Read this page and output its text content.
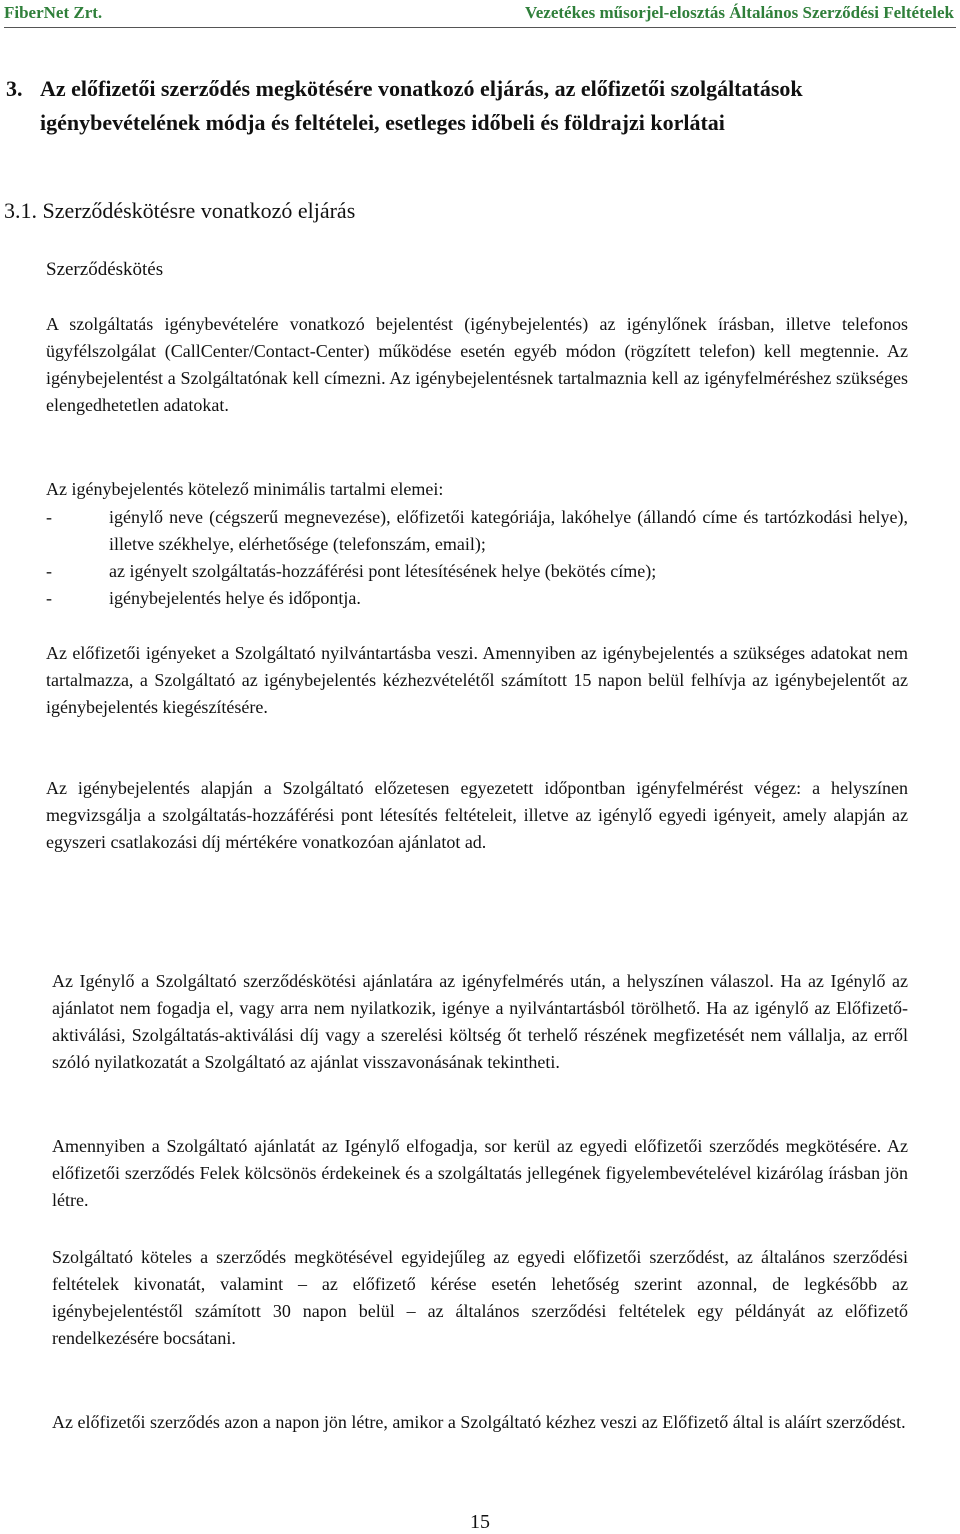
FiberNet Zrt.	Vezetékes műsorjel-elosztás Általános Szerződési Feltételek
3. Az előfizetői szerződés megkötésére vonatkozó eljárás, az előfizetői szolgáltatások igénybevételének módja és feltételei, esetleges időbeli és földrajzi korlátai
3.1. Szerződéskötésre vonatkozó eljárás
Szerződéskötés

A szolgáltatás igénybevételére vonatkozó bejelentést (igénybejelentés) az igénylőnek írásban, illetve telefonos ügyfélszolgálat (CallCenter/Contact-Center) működése esetén egyéb módon (rögzített telefon) kell megtennie. Az igénybejelentést a Szolgáltatónak kell címezni. Az igénybejelentésnek tartalmaznia kell az igényfelméréshez szükséges elengedhetetlen adatokat.

Az igénybejelentés kötelező minimális tartalmi elemei:
-	igénylő neve (cégszerű megnevezése), előfizetői kategóriája, lakóhelye (állandó címe és tartózkodási helye), illetve székhelye, elérhetősége (telefonszám, email);
-	az igényelt szolgáltatás-hozzáférési pont létesítésének helye (bekötés címe);
-	igénybejelentés helye és időpontja.

Az előfizetői igényeket a Szolgáltató nyilvántartásba veszi. Amennyiben az igénybejelentés a szükséges adatokat nem tartalmazza, a Szolgáltató az igénybejelentés kézhezvételétől számított 15 napon belül felhívja az igénybejelentőt az igénybejelentés kiegészítésére.

Az igénybejelentés alapján a Szolgáltató előzetesen egyezetett időpontban igényfelmérést végez: a helyszínen megvizsgálja a szolgáltatás-hozzáférési pont létesítés feltételeit, illetve az igénylő egyedi igényeit, amely alapján az egyszeri csatlakozási díj mértékére vonatkozóan ajánlatot ad.

Az Igénylő a Szolgáltató szerződéskötési ajánlatára az igényfelmérés után, a helyszínen válaszol. Ha az Igénylő az ajánlatot nem fogadja el, vagy arra nem nyilatkozik, igénye a nyilvántartásból törölhető. Ha az igénylő az Előfizető-aktiválási, Szolgáltatás-aktiválási díj vagy a szerelési költség őt terhelő részének megfizetését nem vállalja, az erről szóló nyilatkozatát a Szolgáltató az ajánlat visszavonásának tekintheti.

Amennyiben a Szolgáltató ajánlatát az Igénylő elfogadja, sor kerül az egyedi előfizetői szerződés megkötésére. Az előfizetői szerződés Felek kölcsönös érdekeinek és a szolgáltatás jellegének figyelembevételével kizárólag írásban jön létre.

Szolgáltató köteles a szerződés megkötésével egyidejűleg az egyedi előfizetői szerződést, az általános szerződési feltételek kivonatát, valamint – az előfizető kérése esetén lehetőség szerint azonnal, de legkésőbb az igénybejelentéstől számított 30 napon belül – az általános szerződési feltételek egy példányát az előfizető rendelkezésére bocsátani.

Az előfizetői szerződés azon a napon jön létre, amikor a Szolgáltató kézhez veszi az Előfizető által is aláírt szerződést.

15
